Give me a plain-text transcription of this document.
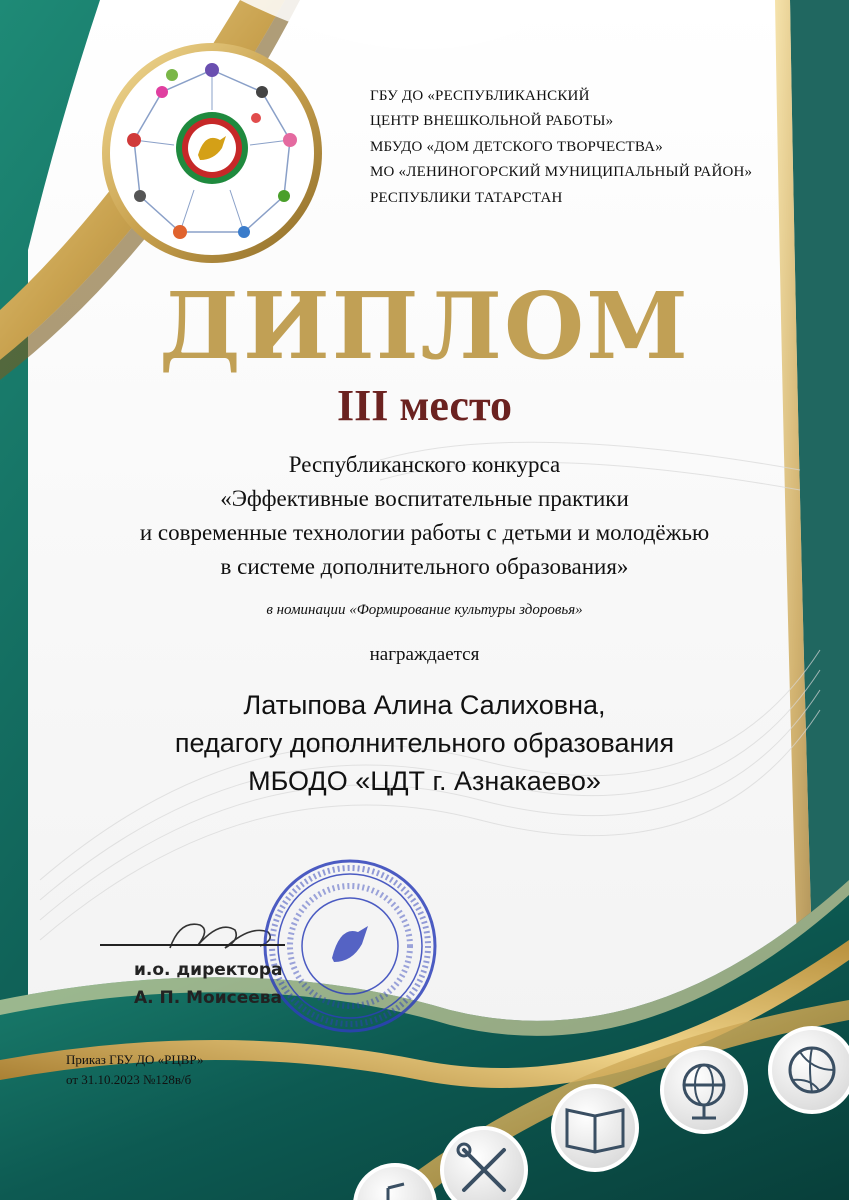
ГБУ ДО «РЕСПУБЛИКАНСКИЙ
ЦЕНТР ВНЕШКОЛЬНОЙ РАБОТЫ»
МБУДО «ДОМ ДЕТСКОГО ТВОРЧЕСТВА»
МО «ЛЕНИНОГОРСКИЙ МУНИЦИПАЛЬНЫЙ РАЙОН»
РЕСПУБЛИКИ ТАТАРСТАН
ДИПЛОМ
III место
Республиканского конкурса
«Эффективные воспитательные практики
и современные технологии работы с детьми и молодёжью
в системе дополнительного образования»
в номинации «Формирование культуры здоровья»
награждается
Латыпова Алина Салиховна,
педагогу дополнительного образования
МБОДО «ЦДТ г. Азнакаево»
и.о. директора
А. П. Моисеева
Приказ ГБУ ДО «РЦВР»
от 31.10.2023 №128в/б
